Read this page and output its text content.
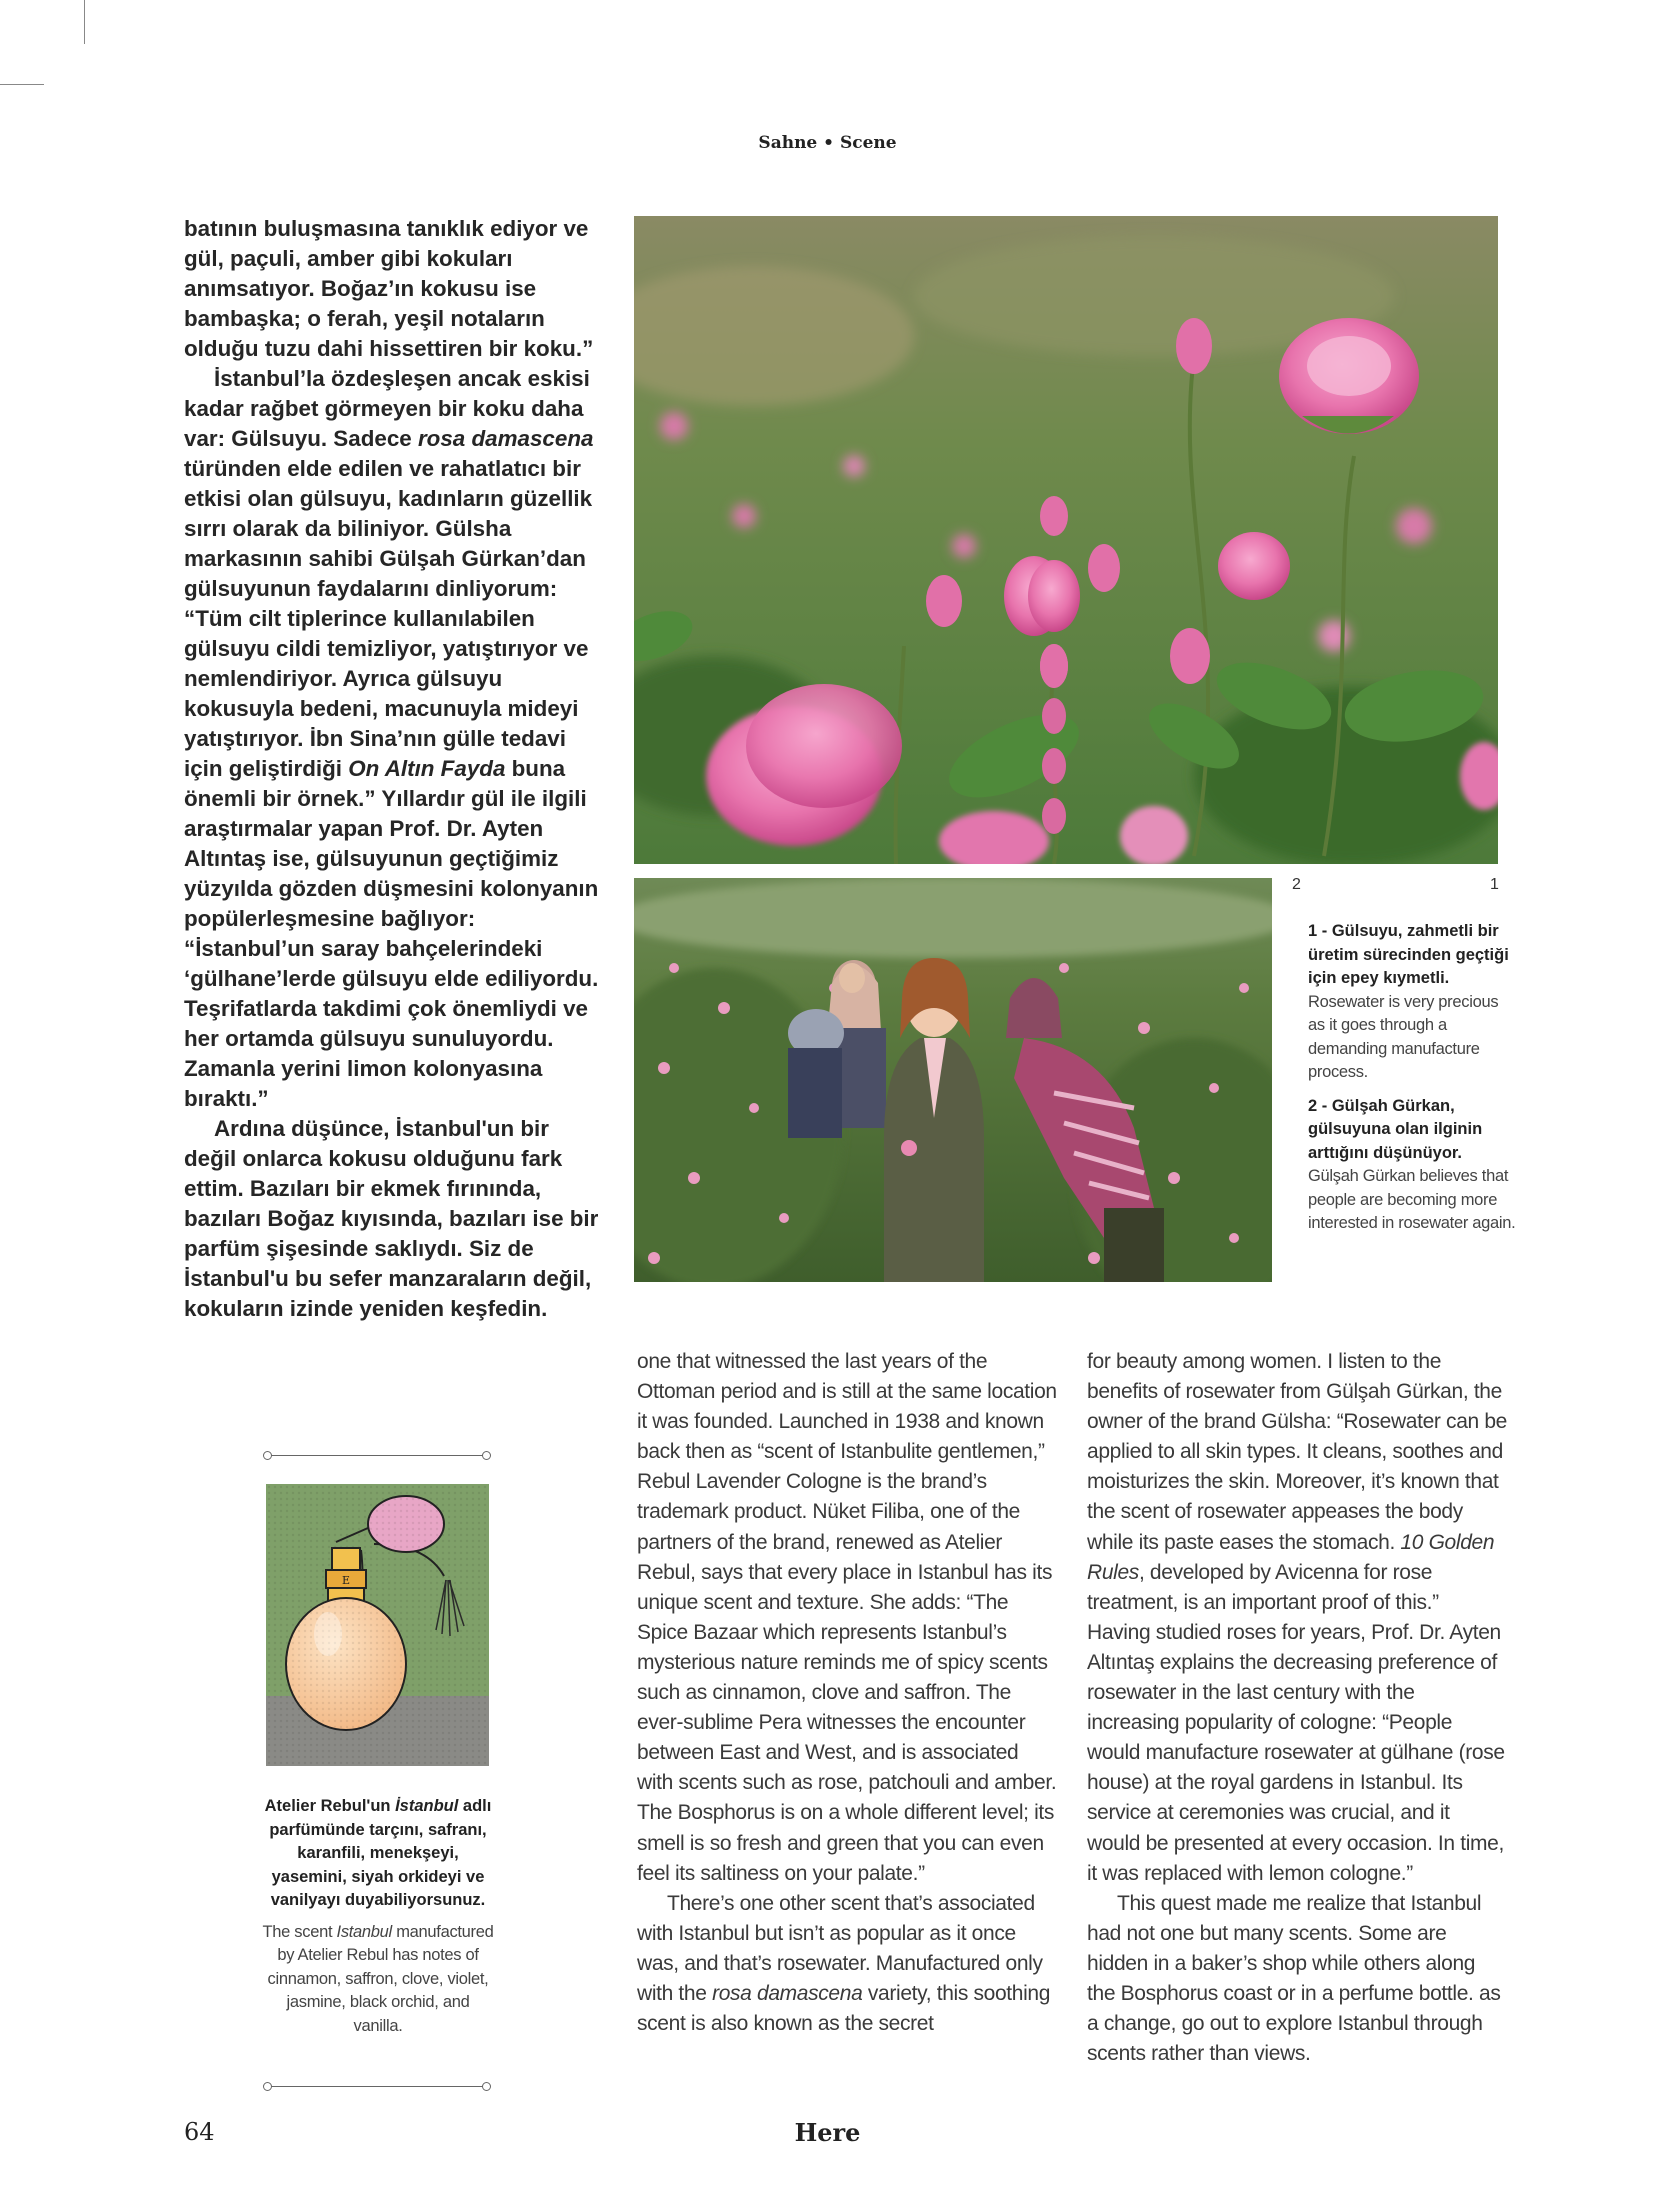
Sahne • Scene

batının buluşmasına tanıklık ediyor ve gül, paçuli, amber gibi kokuları anımsatıyor. Boğaz’ın kokusu ise bambaşka; o ferah, yeşil notaların olduğu tuzu dahi hissettiren bir koku.”

İstanbul’la özdeşleşen ancak eskisi kadar rağbet görmeyen bir koku daha var: Gülsuyu. Sadece rosa damascena türünden elde edilen ve rahatlatıcı bir etkisi olan gülsuyu, kadınların güzellik sırrı olarak da biliniyor. Gülsha markasının sahibi Gülşah Gürkan’dan gülsuyunun faydalarını dinliyorum: “Tüm cilt tiplerince kullanılabilen gülsuyu cildi temizliyor, yatıştırıyor ve nemlendiriyor. Ayrıca gülsuyu kokusuyla bedeni, macunuyla mideyi yatıştırıyor. İbn Sina’nın gülle tedavi için geliştirdiği On Altın Fayda buna önemli bir örnek.” Yıllardır gül ile ilgili araştırmalar yapan Prof. Dr. Ayten Altıntaş ise, gülsuyunun geçtiğimiz yüzyılda gözden düşmesini kolonyanın popülerleşmesine bağlıyor: “İstanbul’un saray bahçelerindeki ‘gülhane’lerde gülsuyu elde ediliyordu. Teşrifatlarda takdimi çok önemliydi ve her ortamda gülsuyu sunuluyordu. Zamanla yerini limon kolonyasına bıraktı.”

Ardına düşünce, İstanbul'un bir değil onlarca kokusu olduğunu fark ettim. Bazıları bir ekmek fırınında, bazıları Boğaz kıyısında, bazıları ise bir parfüm şişesinde saklıydı. Siz de İstanbul'u bu sefer manzaraların değil, kokuların izinde yeniden keşfedin.

2	1

1 - Gülsuyu, zahmetli bir üretim sürecinden geçtiği için epey kıymetli.

Rosewater is very precious as it goes through a demanding manufacture process.

2 - Gülşah Gürkan, gülsuyuna olan ilginin arttığını düşünüyor.

Gülşah Gürkan believes that people are becoming more interested in rosewater again.

one that witnessed the last years of the Ottoman period and is still at the same location it was founded. Launched in 1938 and known back then as “scent of Istanbulite gentlemen,” Rebul Lavender Cologne is the brand’s trademark product. Nüket Filiba, one of the partners of the brand, renewed as Atelier Rebul, says that every place in Istanbul has its unique scent and texture. She adds: “The Spice Bazaar which represents Istanbul’s mysterious nature reminds me of spicy scents such as cinnamon, clove and saffron. The ever-sublime Pera witnesses the encounter between East and West, and is associated with scents such as rose, patchouli and amber. The Bosphorus is on a whole different level; its smell is so fresh and green that you can even feel its saltiness on your palate.”

There’s one other scent that’s associated with Istanbul but isn’t as popular as it once was, and that’s rosewater. Manufactured only with the rosa damascena variety, this soothing scent is also known as the secret

for beauty among women. I listen to the benefits of rosewater from Gülşah Gürkan, the owner of the brand Gülsha: “Rosewater can be applied to all skin types. It cleans, soothes and moisturizes the skin. Moreover, it’s known that the scent of rosewater appeases the body while its paste eases the stomach. 10 Golden Rules, developed by Avicenna for rose treatment, is an important proof of this.” Having studied roses for years, Prof. Dr. Ayten Altıntaş explains the decreasing preference of rosewater in the last century with the increasing popularity of cologne: “People would manufacture rosewater at gülhane (rose house) at the royal gardens in Istanbul. Its service at ceremonies was crucial, and it would be presented at every occasion. In time, it was replaced with lemon cologne.”

This quest made me realize that Istanbul had not one but many scents. Some are hidden in a baker’s shop while others along the Bosphorus coast or in a perfume bottle. as a change, go out to explore Istanbul through scents rather than views.

E

Atelier Rebul'un İstanbul adlı parfümünde tarçını, safranı, karanfili, menekşeyi, yasemini, siyah orkideyi ve vanilyayı duyabiliyorsunuz.

The scent Istanbul manufactured by Atelier Rebul has notes of cinnamon, saffron, clove, violet, jasmine, black orchid, and vanilla.

64	Here
